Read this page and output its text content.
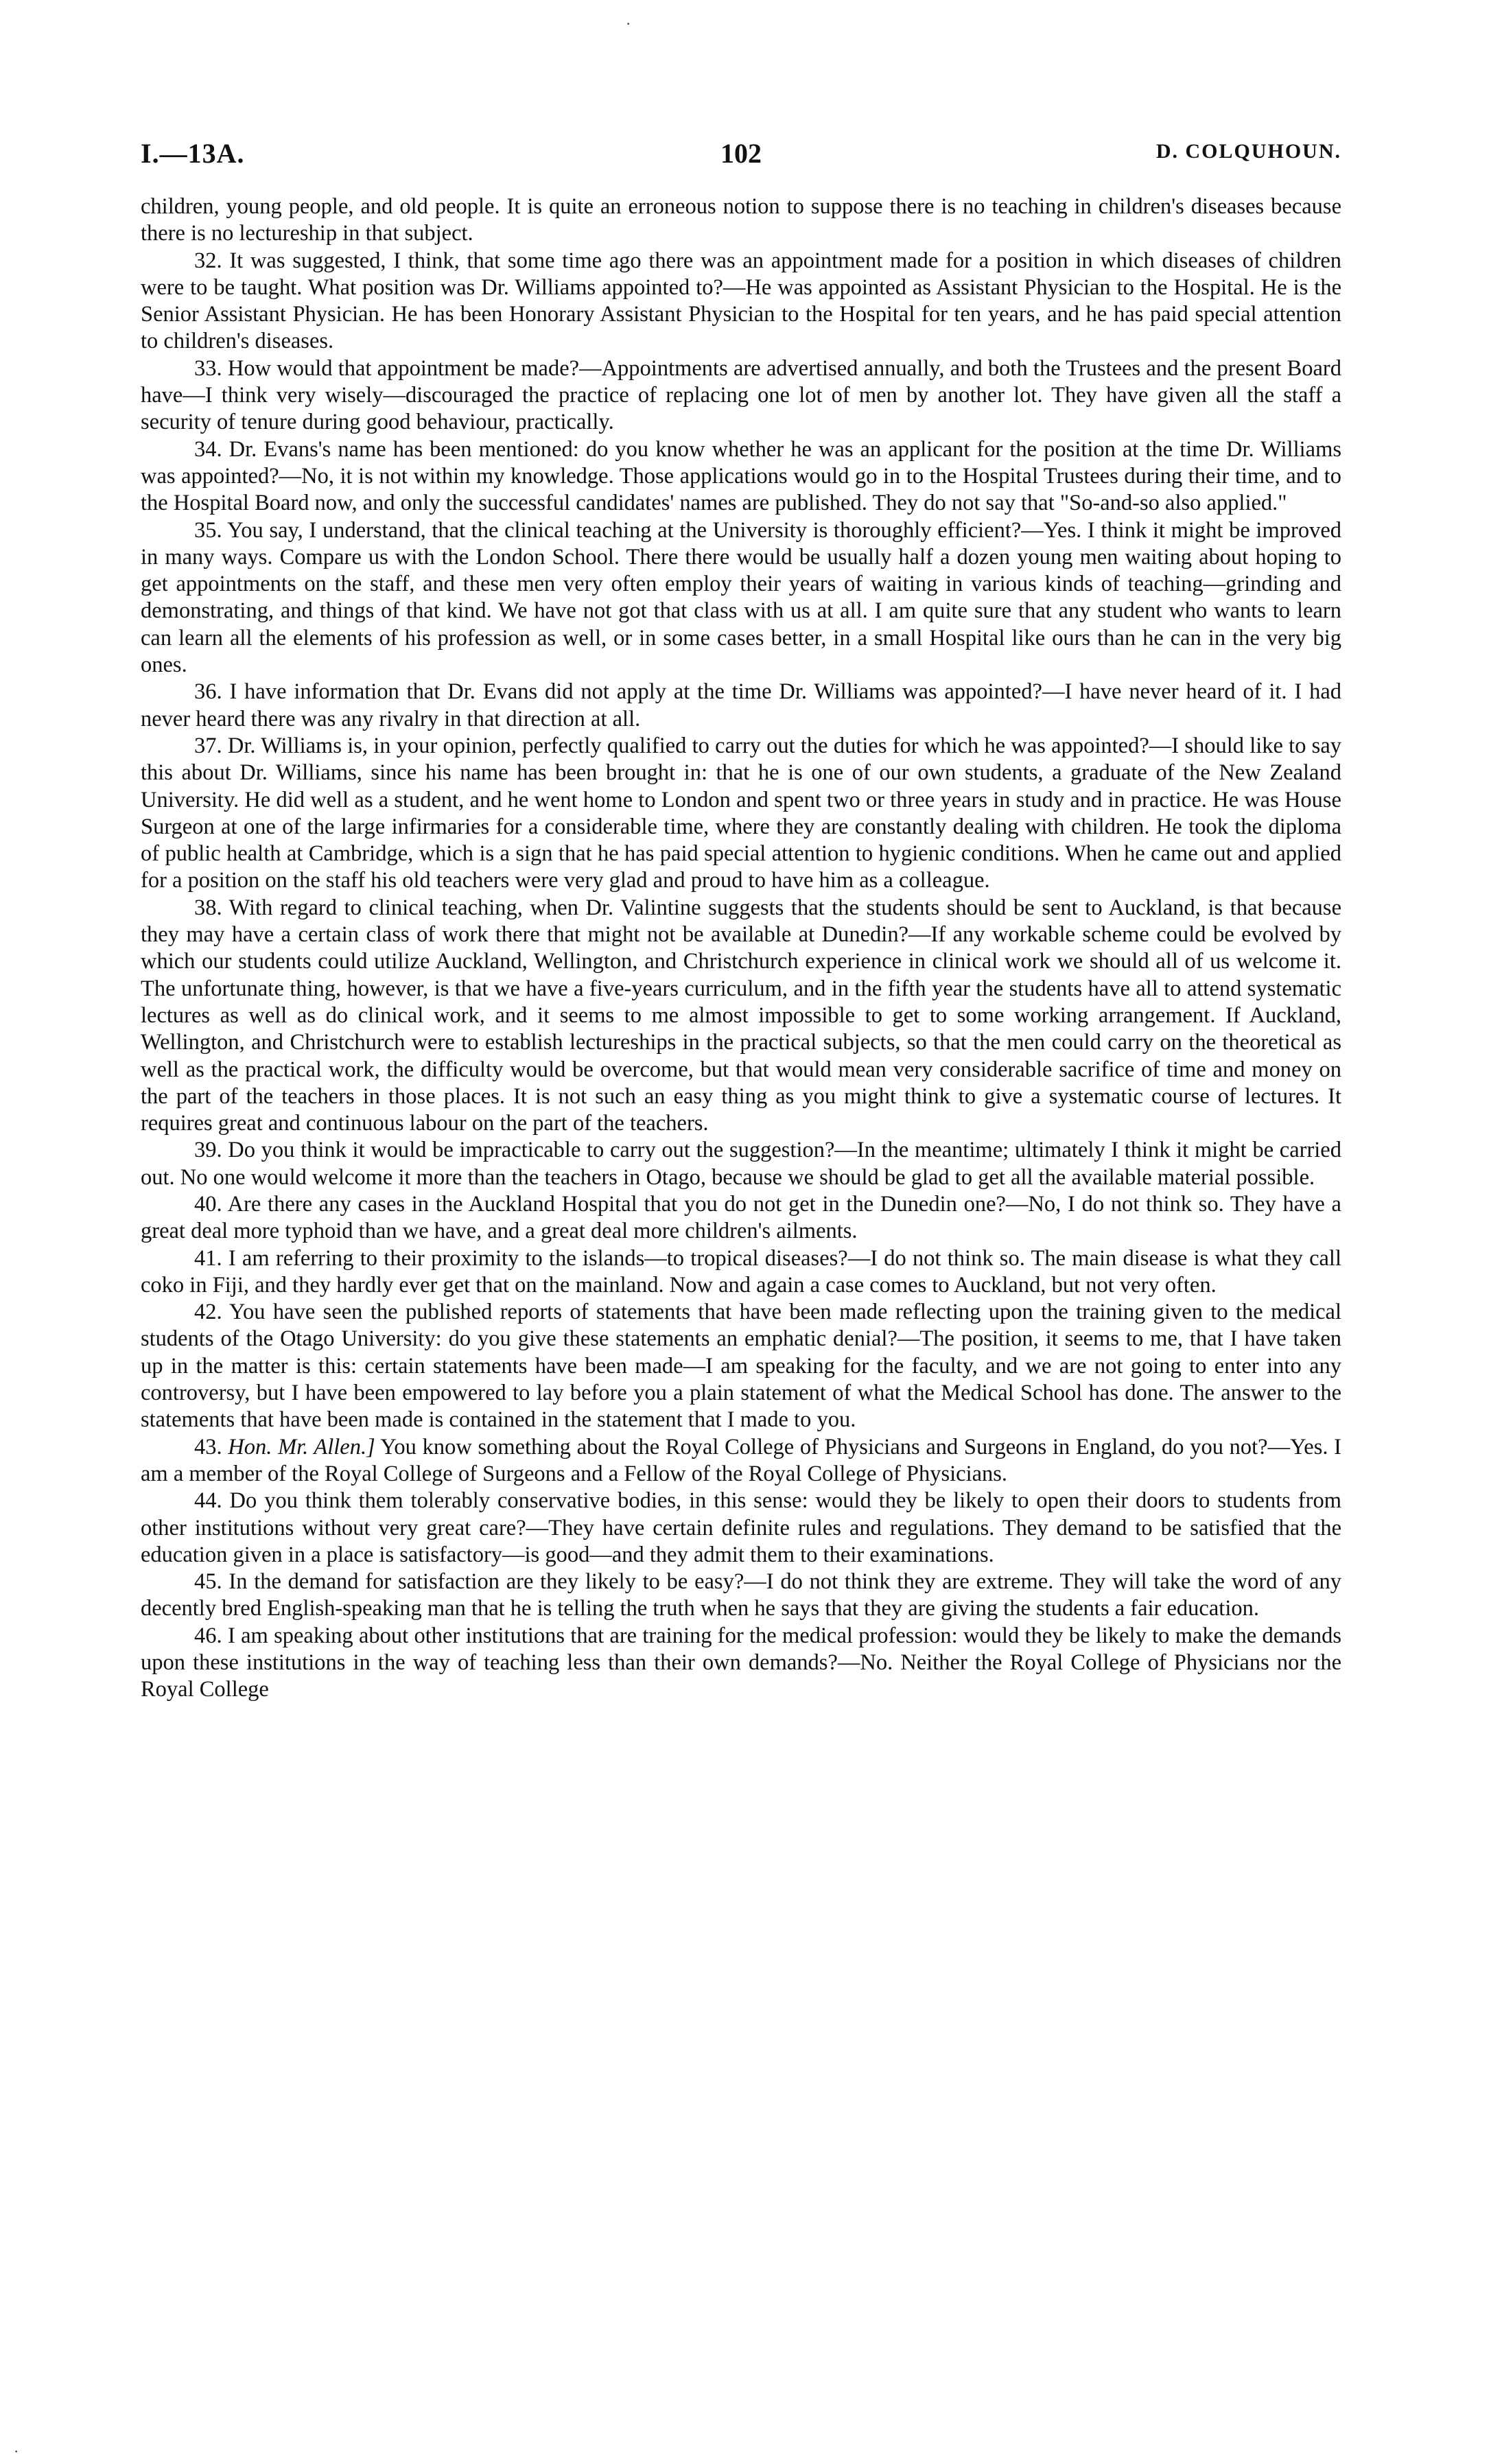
·
·
I.—13A.	102	D. COLQUHOUN.

children, young people, and old people. It is quite an erroneous notion to suppose there is no teaching in children's diseases because there is no lectureship in that subject.

32. It was suggested, I think, that some time ago there was an appointment made for a position in which diseases of children were to be taught. What position was Dr. Williams appointed to?—He was appointed as Assistant Physician to the Hospital. He is the Senior Assistant Physician. He has been Honorary Assistant Physician to the Hospital for ten years, and he has paid special attention to children's diseases.

33. How would that appointment be made?—Appointments are advertised annually, and both the Trustees and the present Board have—I think very wisely—discouraged the practice of replacing one lot of men by another lot. They have given all the staff a security of tenure during good behaviour, practically.

34. Dr. Evans's name has been mentioned: do you know whether he was an applicant for the position at the time Dr. Williams was appointed?—No, it is not within my knowledge. Those applications would go in to the Hospital Trustees during their time, and to the Hospital Board now, and only the successful candidates' names are published. They do not say that "So-and-so also applied."

35. You say, I understand, that the clinical teaching at the University is thoroughly efficient?—Yes. I think it might be improved in many ways. Compare us with the London School. There there would be usually half a dozen young men waiting about hoping to get appointments on the staff, and these men very often employ their years of waiting in various kinds of teaching—grinding and demonstrating, and things of that kind. We have not got that class with us at all. I am quite sure that any student who wants to learn can learn all the elements of his profession as well, or in some cases better, in a small Hospital like ours than he can in the very big ones.

36. I have information that Dr. Evans did not apply at the time Dr. Williams was appointed?—I have never heard of it. I had never heard there was any rivalry in that direction at all.

37. Dr. Williams is, in your opinion, perfectly qualified to carry out the duties for which he was appointed?—I should like to say this about Dr. Williams, since his name has been brought in: that he is one of our own students, a graduate of the New Zealand University. He did well as a student, and he went home to London and spent two or three years in study and in practice. He was House Surgeon at one of the large infirmaries for a considerable time, where they are constantly dealing with children. He took the diploma of public health at Cambridge, which is a sign that he has paid special attention to hygienic conditions. When he came out and applied for a position on the staff his old teachers were very glad and proud to have him as a colleague.

38. With regard to clinical teaching, when Dr. Valintine suggests that the students should be sent to Auckland, is that because they may have a certain class of work there that might not be available at Dunedin?—If any workable scheme could be evolved by which our students could utilize Auckland, Wellington, and Christchurch experience in clinical work we should all of us welcome it. The unfortunate thing, however, is that we have a five-years curriculum, and in the fifth year the students have all to attend systematic lectures as well as do clinical work, and it seems to me almost impossible to get to some working arrangement. If Auckland, Wellington, and Christchurch were to establish lectureships in the practical subjects, so that the men could carry on the theoretical as well as the practical work, the difficulty would be overcome, but that would mean very considerable sacrifice of time and money on the part of the teachers in those places. It is not such an easy thing as you might think to give a systematic course of lectures. It requires great and continuous labour on the part of the teachers.

39. Do you think it would be impracticable to carry out the suggestion?—In the meantime; ultimately I think it might be carried out. No one would welcome it more than the teachers in Otago, because we should be glad to get all the available material possible.

40. Are there any cases in the Auckland Hospital that you do not get in the Dunedin one?—No, I do not think so. They have a great deal more typhoid than we have, and a great deal more children's ailments.

41. I am referring to their proximity to the islands—to tropical diseases?—I do not think so. The main disease is what they call coko in Fiji, and they hardly ever get that on the mainland. Now and again a case comes to Auckland, but not very often.

42. You have seen the published reports of statements that have been made reflecting upon the training given to the medical students of the Otago University: do you give these statements an emphatic denial?—The position, it seems to me, that I have taken up in the matter is this: certain statements have been made—I am speaking for the faculty, and we are not going to enter into any controversy, but I have been empowered to lay before you a plain statement of what the Medical School has done. The answer to the statements that have been made is contained in the statement that I made to you.

43. Hon. Mr. Allen.] You know something about the Royal College of Physicians and Surgeons in England, do you not?—Yes. I am a member of the Royal College of Surgeons and a Fellow of the Royal College of Physicians.

44. Do you think them tolerably conservative bodies, in this sense: would they be likely to open their doors to students from other institutions without very great care?—They have certain definite rules and regulations. They demand to be satisfied that the education given in a place is satisfactory—is good—and they admit them to their examinations.

45. In the demand for satisfaction are they likely to be easy?—I do not think they are extreme. They will take the word of any decently bred English-speaking man that he is telling the truth when he says that they are giving the students a fair education.

46. I am speaking about other institutions that are training for the medical profession: would they be likely to make the demands upon these institutions in the way of teaching less than their own demands?—No. Neither the Royal College of Physicians nor the Royal College
